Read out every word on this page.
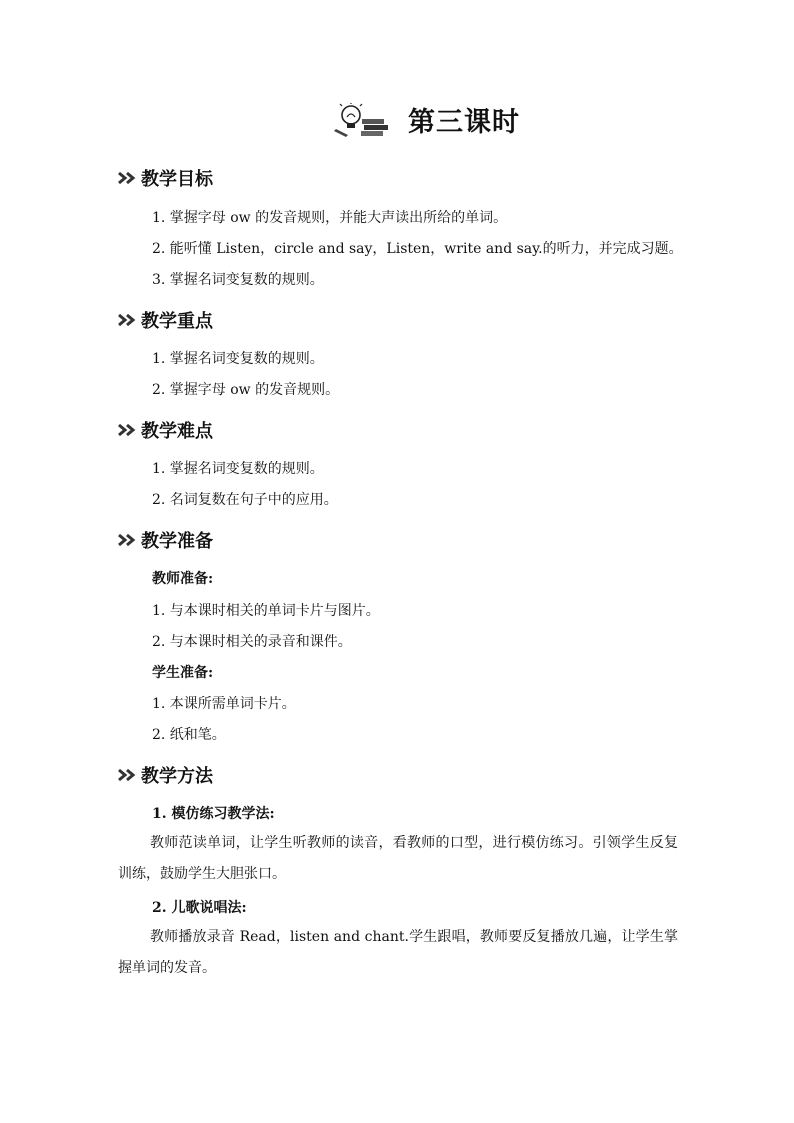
第三课时
教学目标
1. 掌握字母 ow 的发音规则，并能大声读出所给的单词。
2. 能听懂 Listen，circle and say，Listen，write and say.的听力，并完成习题。
3. 掌握名词变复数的规则。
教学重点
1. 掌握名词变复数的规则。
2. 掌握字母 ow 的发音规则。
教学难点
1. 掌握名词变复数的规则。
2. 名词复数在句子中的应用。
教学准备
教师准备:
1. 与本课时相关的单词卡片与图片。
2. 与本课时相关的录音和课件。
学生准备:
1. 本课所需单词卡片。
2. 纸和笔。
教学方法
1. 模仿练习教学法:
教师范读单词，让学生听教师的读音，看教师的口型，进行模仿练习。引领学生反复训练，鼓励学生大胆张口。
2. 儿歌说唱法:
教师播放录音 Read，listen and chant.学生跟唱，教师要反复播放几遍，让学生掌握单词的发音。
